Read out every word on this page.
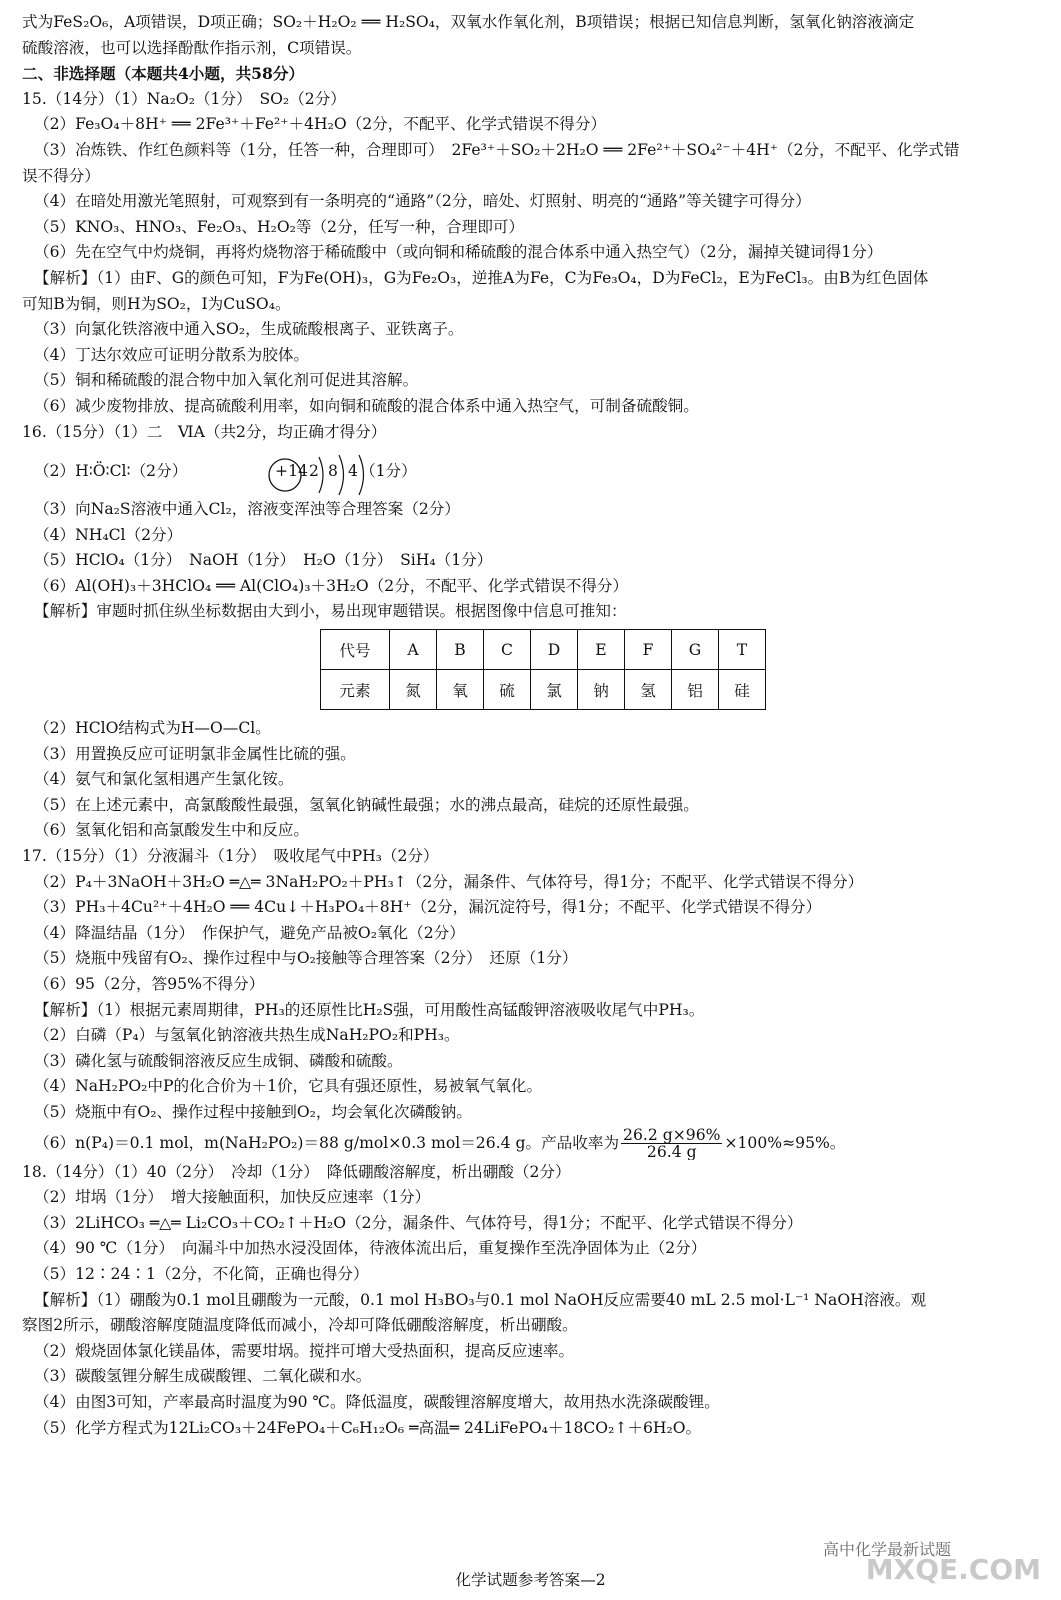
式为FeS₂O₆，A项错误，D项正确；SO₂＋H₂O₂ ══ H₂SO₄，双氧水作氧化剂，B项错误；根据已知信息判断，氢氧化钠溶液滴定
硫酸溶液，也可以选择酚酞作指示剂，C项错误。
二、非选择题（本题共4小题，共58分）
15.（14分）（1）Na₂O₂（1分）　SO₂（2分）
（2）Fe₃O₄＋8H⁺ ══ 2Fe³⁺＋Fe²⁺＋4H₂O（2分，不配平、化学式错误不得分）
（3）冶炼铁、作红色颜料等（1分，任答一种，合理即可）　2Fe³⁺＋SO₂＋2H₂O ══ 2Fe²⁺＋SO₄²⁻＋4H⁺（2分，不配平、化学式错
误不得分）
（4）在暗处用激光笔照射，可观察到有一条明亮的“通路”（2分，暗处、灯照射、明亮的“通路”等关键字可得分）
（5）KNO₃、HNO₃、Fe₂O₃、H₂O₂等（2分，任写一种，合理即可）
（6）先在空气中灼烧铜，再将灼烧物溶于稀硫酸中（或向铜和稀硫酸的混合体系中通入热空气）（2分，漏掉关键词得1分）
【解析】（1）由F、G的颜色可知，F为Fe(OH)₃，G为Fe₂O₃，逆推A为Fe，C为Fe₃O₄，D为FeCl₂，E为FeCl₃。由B为红色固体
可知B为铜，则H为SO₂，I为CuSO₄。
（3）向氯化铁溶液中通入SO₂，生成硫酸根离子、亚铁离子。
（4）丁达尔效应可证明分散系为胶体。
（5）铜和稀硫酸的混合物中加入氧化剂可促进其溶解。
（6）减少废物排放、提高硫酸利用率，如向铜和硫酸的混合体系中通入热空气，可制备硫酸铜。
16.（15分）（1）二　ⅥA（共2分，均正确才得分）
（2）H∶Ö∶Cl∶（2分）	+14 2 8 4 （1分）
（3）向Na₂S溶液中通入Cl₂，溶液变浑浊等合理答案（2分）
（4）NH₄Cl（2分）
（5）HClO₄（1分）　NaOH（1分）　H₂O（1分）　SiH₄（1分）
（6）Al(OH)₃＋3HClO₄ ══ Al(ClO₄)₃＋3H₂O（2分，不配平、化学式错误不得分）
【解析】审题时抓住纵坐标数据由大到小，易出现审题错误。根据图像中信息可推知：
代号	A	B	C	D	E	F	G	T
元素	氮	氧	硫	氯	钠	氢	铝	硅
（2）HClO结构式为H—O—Cl。
（3）用置换反应可证明氯非金属性比硫的强。
（4）氨气和氯化氢相遇产生氯化铵。
（5）在上述元素中，高氯酸酸性最强，氢氧化钠碱性最强；水的沸点最高，硅烷的还原性最强。
（6）氢氧化铝和高氯酸发生中和反应。
17.（15分）（1）分液漏斗（1分）　吸收尾气中PH₃（2分）
（2）P₄＋3NaOH＋3H₂O ═△═ 3NaH₂PO₂＋PH₃↑（2分，漏条件、气体符号，得1分；不配平、化学式错误不得分）
（3）PH₃＋4Cu²⁺＋4H₂O ══ 4Cu↓＋H₃PO₄＋8H⁺（2分，漏沉淀符号，得1分；不配平、化学式错误不得分）
（4）降温结晶（1分）　作保护气，避免产品被O₂氧化（2分）
（5）烧瓶中残留有O₂、操作过程中与O₂接触等合理答案（2分）　还原（1分）
（6）95（2分，答95%不得分）
【解析】（1）根据元素周期律，PH₃的还原性比H₂S强，可用酸性高锰酸钾溶液吸收尾气中PH₃。
（2）白磷（P₄）与氢氧化钠溶液共热生成NaH₂PO₂和PH₃。
（3）磷化氢与硫酸铜溶液反应生成铜、磷酸和硫酸。
（4）NaH₂PO₂中P的化合价为＋1价，它具有强还原性，易被氧气氧化。
（5）烧瓶中有O₂、操作过程中接触到O₂，均会氧化次磷酸钠。
（6）n(P₄)＝0.1 mol，m(NaH₂PO₂)＝88 g/mol×0.3 mol＝26.4 g。产品收率为 $\frac{26.2 g\times 96\%}{26.4 g} \times 100\%\approx 95\%$。
18.（14分）（1）40（2分）　冷却（1分）　降低硼酸溶解度，析出硼酸（2分）
（2）坩埚（1分）　增大接触面积，加快反应速率（1分）
（3）2LiHCO₃ ═△═ Li₂CO₃＋CO₂↑＋H₂O（2分，漏条件、气体符号，得1分；不配平、化学式错误不得分）
（4）90 ℃（1分）　向漏斗中加热水浸没固体，待液体流出后，重复操作至洗净固体为止（2分）
（5）12∶24∶1（2分，不化简，正确也得分）
【解析】（1）硼酸为0.1 mol且硼酸为一元酸，0.1 mol H₃BO₃与0.1 mol NaOH反应需要40 mL 2.5 mol·L⁻¹ NaOH溶液。观
察图2所示，硼酸溶解度随温度降低而减小，冷却可降低硼酸溶解度，析出硼酸。
（2）煅烧固体氯化镁晶体，需要坩埚。搅拌可增大受热面积，提高反应速率。
（3）碳酸氢锂分解生成碳酸锂、二氧化碳和水。
（4）由图3可知，产率最高时温度为90 ℃。降低温度，碳酸锂溶解度增大，故用热水洗涤碳酸锂。
（5）化学方程式为12Li₂CO₃＋24FePO₄＋C₆H₁₂O₆ ═高温═ 24LiFePO₄＋18CO₂↑＋6H₂O。
化学试题参考答案—2
高中化学最新试题
MXQE.COM
